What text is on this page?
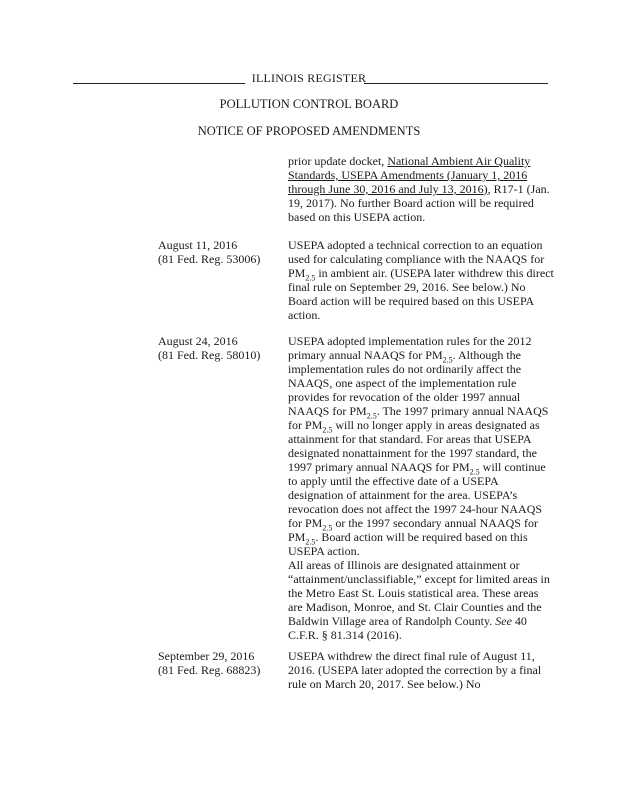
ILLINOIS REGISTER
POLLUTION CONTROL BOARD
NOTICE OF PROPOSED AMENDMENTS
prior update docket, National Ambient Air Quality Standards, USEPA Amendments (January 1, 2016 through June 30, 2016 and July 13, 2016), R17-1 (Jan. 19, 2017). No further Board action will be required based on this USEPA action.
August 11, 2016
(81 Fed. Reg. 53006)
USEPA adopted a technical correction to an equation used for calculating compliance with the NAAQS for $PM_{2.5}$ in ambient air. (USEPA later withdrew this direct final rule on September 29, 2016. See below.) No Board action will be required based on this USEPA action.
August 24, 2016
(81 Fed. Reg. 58010)
USEPA adopted implementation rules for the 2012 primary annual NAAQS for $PM_{2.5}$. Although the implementation rules do not ordinarily affect the NAAQS, one aspect of the implementation rule provides for revocation of the older 1997 annual NAAQS for $PM_{2.5}$. The 1997 primary annual NAAQS for $PM_{2.5}$ will no longer apply in areas designated as attainment for that standard. For areas that USEPA designated nonattainment for the 1997 standard, the 1997 primary annual NAAQS for $PM_{2.5}$ will continue to apply until the effective date of a USEPA designation of attainment for the area. USEPA’s revocation does not affect the 1997 24-hour NAAQS for $PM_{2.5}$ or the 1997 secondary annual NAAQS for $PM_{2.5}$. Board action will be required based on this USEPA action.
All areas of Illinois are designated attainment or “attainment/unclassifiable,” except for limited areas in the Metro East St. Louis statistical area. These areas are Madison, Monroe, and St. Clair Counties and the Baldwin Village area of Randolph County. See 40 C.F.R. § 81.314 (2016).
September 29, 2016
(81 Fed. Reg. 68823)
USEPA withdrew the direct final rule of August 11, 2016. (USEPA later adopted the correction by a final rule on March 20, 2017. See below.) No
